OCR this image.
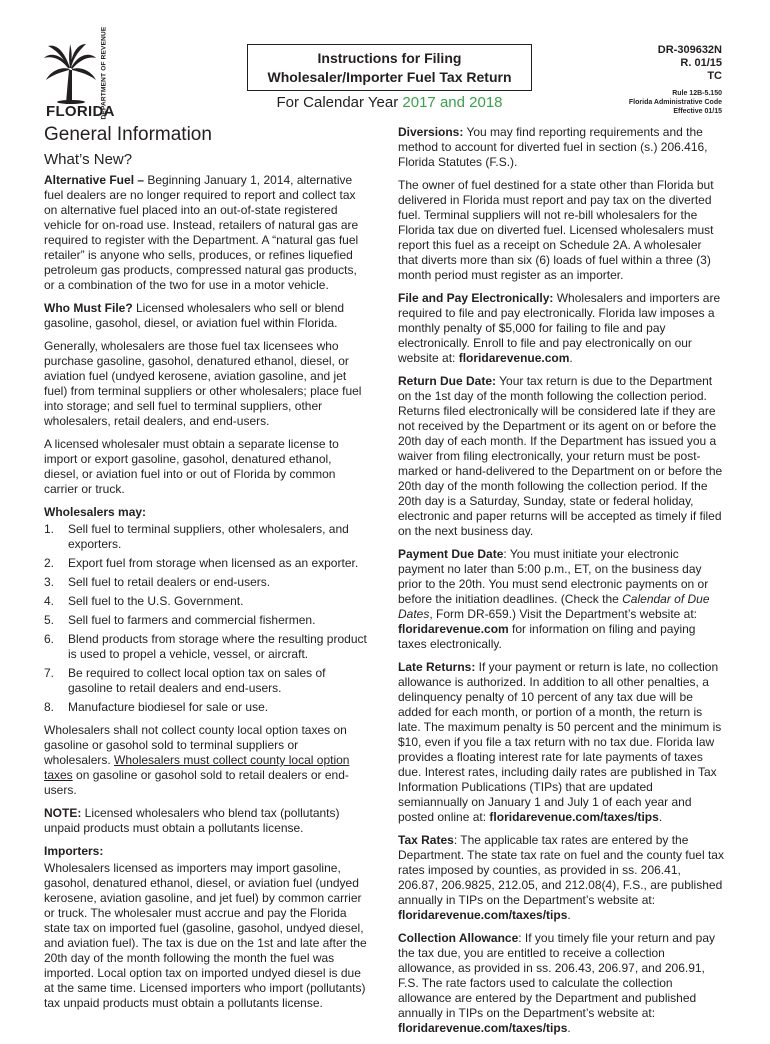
DEPARTMENT OF REVENUE
FLORIDA
Instructions for Filing
Wholesaler/Importer Fuel Tax Return
For Calendar Year 2017 and 2018
DR-309632N
R. 01/15
TC
Rule 12B-5.150
Florida Administrative Code
Effective 01/15
General Information
What’s New?

Alternative Fuel – Beginning January 1, 2014, alternative fuel dealers are no longer required to report and collect tax on alternative fuel placed into an out-of-state registered vehicle for on-road use. Instead, retailers of natural gas are required to register with the Department. A “natural gas fuel retailer” is anyone who sells, produces, or refines liquefied petroleum gas products, compressed natural gas products, or a combination of the two for use in a motor vehicle.

Who Must File? Licensed wholesalers who sell or blend gasoline, gasohol, diesel, or aviation fuel within Florida.

Generally, wholesalers are those fuel tax licensees who purchase gasoline, gasohol, denatured ethanol, diesel, or aviation fuel (undyed kerosene, aviation gasoline, and jet fuel) from terminal suppliers or other wholesalers; place fuel into storage; and sell fuel to terminal suppliers, other wholesalers, retail dealers, and end-users.

A licensed wholesaler must obtain a separate license to import or export gasoline, gasohol, denatured ethanol, diesel, or aviation fuel into or out of Florida by common carrier or truck.

Wholesalers may:

1. Sell fuel to terminal suppliers, other wholesalers, and exporters.
2. Export fuel from storage when licensed as an exporter.
3. Sell fuel to retail dealers or end-users.
4. Sell fuel to the U.S. Government.
5. Sell fuel to farmers and commercial fishermen.
6. Blend products from storage where the resulting product is used to propel a vehicle, vessel, or aircraft.
7. Be required to collect local option tax on sales of gasoline to retail dealers and end-users.
8. Manufacture biodiesel for sale or use.

Wholesalers shall not collect county local option taxes on gasoline or gasohol sold to terminal suppliers or wholesalers. Wholesalers must collect county local option taxes on gasoline or gasohol sold to retail dealers or end-users.

NOTE: Licensed wholesalers who blend tax (pollutants) unpaid products must obtain a pollutants license.

Importers:

Wholesalers licensed as importers may import gasoline, gasohol, denatured ethanol, diesel, or aviation fuel (undyed kerosene, aviation gasoline, and jet fuel) by common carrier or truck. The wholesaler must accrue and pay the Florida state tax on imported fuel (gasoline, gasohol, undyed diesel, and aviation fuel). The tax is due on the 1st and late after the 20th day of the month following the month the fuel was imported. Local option tax on imported undyed diesel is due at the same time. Licensed importers who import (pollutants) tax unpaid products must obtain a pollutants license.

Diversions: You may find reporting requirements and the method to account for diverted fuel in section (s.) 206.416, Florida Statutes (F.S.).

The owner of fuel destined for a state other than Florida but delivered in Florida must report and pay tax on the diverted fuel. Terminal suppliers will not re-bill wholesalers for the Florida tax due on diverted fuel. Licensed wholesalers must report this fuel as a receipt on Schedule 2A. A wholesaler that diverts more than six (6) loads of fuel within a three (3) month period must register as an importer.

File and Pay Electronically: Wholesalers and importers are required to file and pay electronically. Florida law imposes a monthly penalty of $5,000 for failing to file and pay electronically. Enroll to file and pay electronically on our website at: floridarevenue.com.

Return Due Date: Your tax return is due to the Department on the 1st day of the month following the collection period. Returns filed electronically will be considered late if they are not received by the Department or its agent on or before the 20th day of each month. If the Department has issued you a waiver from filing electronically, your return must be post-marked or hand-delivered to the Department on or before the 20th day of the month following the collection period. If the 20th day is a Saturday, Sunday, state or federal holiday, electronic and paper returns will be accepted as timely if filed on the next business day.

Payment Due Date: You must initiate your electronic payment no later than 5:00 p.m., ET, on the business day prior to the 20th. You must send electronic payments on or before the initiation deadlines. (Check the Calendar of Due Dates, Form DR-659.) Visit the Department’s website at: floridarevenue.com for information on filing and paying taxes electronically.

Late Returns: If your payment or return is late, no collection allowance is authorized. In addition to all other penalties, a delinquency penalty of 10 percent of any tax due will be added for each month, or portion of a month, the return is late. The maximum penalty is 50 percent and the minimum is $10, even if you file a tax return with no tax due. Florida law provides a floating interest rate for late payments of taxes due. Interest rates, including daily rates are published in Tax Information Publications (TIPs) that are updated semiannually on January 1 and July 1 of each year and posted online at: floridarevenue.com/taxes/tips.

Tax Rates: The applicable tax rates are entered by the Department. The state tax rate on fuel and the county fuel tax rates imposed by counties, as provided in ss. 206.41, 206.87, 206.9825, 212.05, and 212.08(4), F.S., are published annually in TIPs on the Department’s website at: floridarevenue.com/taxes/tips.

Collection Allowance: If you timely file your return and pay the tax due, you are entitled to receive a collection allowance, as provided in ss. 206.43, 206.97, and 206.91, F.S. The rate factors used to calculate the collection allowance are entered by the Department and published annually in TIPs on the Department’s website at: floridarevenue.com/taxes/tips.
